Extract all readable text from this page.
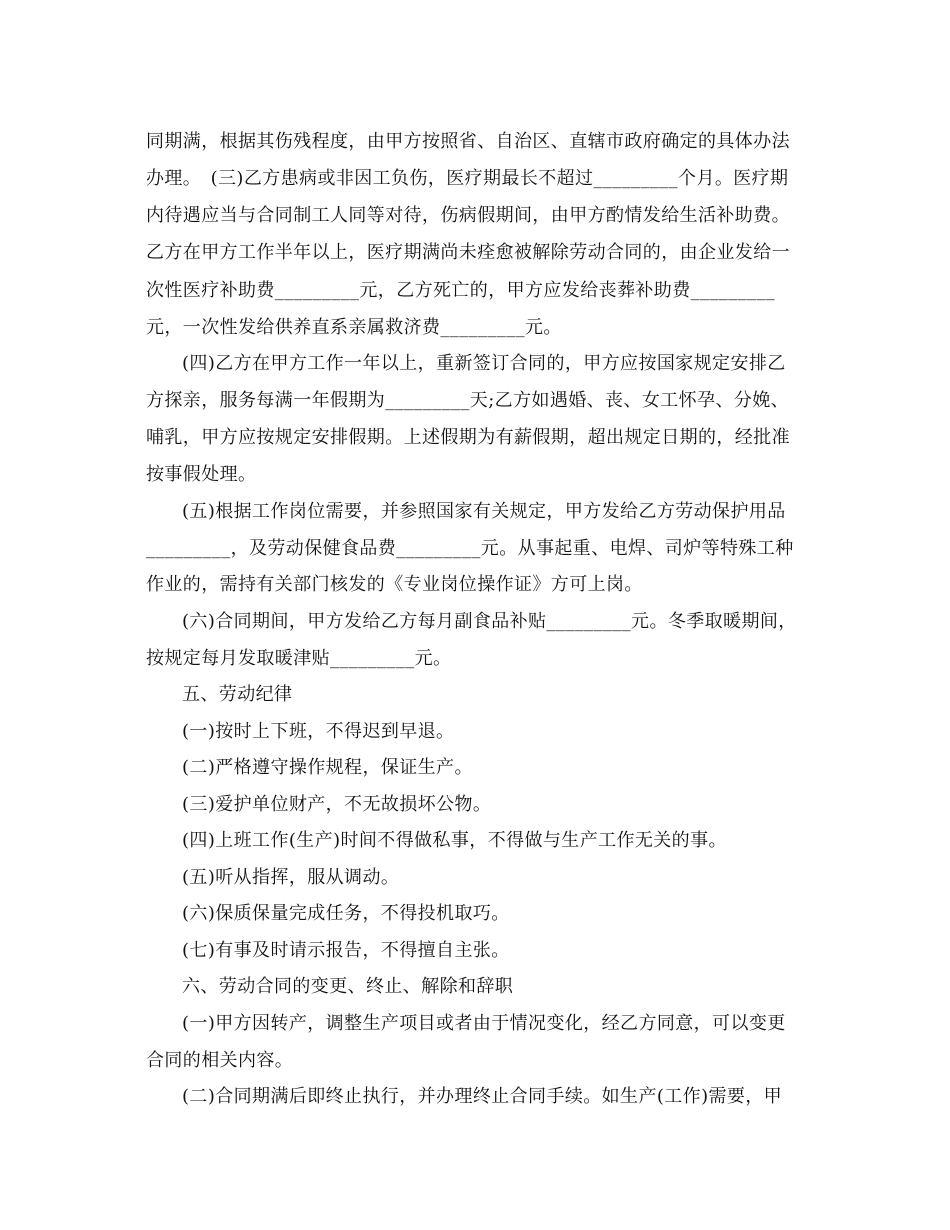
同期满，根据其伤残程度，由甲方按照省、自治区、直辖市政府确定的具体办法
办理。　(三)乙方患病或非因工负伤，医疗期最长不超过_________个月。医疗期
内待遇应当与合同制工人同等对待，伤病假期间，由甲方酌情发给生活补助费。
乙方在甲方工作半年以上，医疗期满尚未痊愈被解除劳动合同的，由企业发给一
次性医疗补助费_________元，乙方死亡的，甲方应发给丧葬补助费_________
元，一次性发给供养直系亲属救济费_________元。
(四)乙方在甲方工作一年以上，重新签订合同的，甲方应按国家规定安排乙
方探亲，服务每满一年假期为_________天;乙方如遇婚、丧、女工怀孕、分娩、
哺乳，甲方应按规定安排假期。上述假期为有薪假期，超出规定日期的，经批准
按事假处理。
(五)根据工作岗位需要，并参照国家有关规定，甲方发给乙方劳动保护用品
_________，及劳动保健食品费_________元。从事起重、电焊、司炉等特殊工种
作业的，需持有关部门核发的《专业岗位操作证》方可上岗。
(六)合同期间，甲方发给乙方每月副食品补贴_________元。冬季取暖期间，
按规定每月发取暖津贴_________元。
五、劳动纪律
(一)按时上下班，不得迟到早退。
(二)严格遵守操作规程，保证生产。
(三)爱护单位财产，不无故损坏公物。
(四)上班工作(生产)时间不得做私事，不得做与生产工作无关的事。
(五)听从指挥，服从调动。
(六)保质保量完成任务，不得投机取巧。
(七)有事及时请示报告，不得擅自主张。
六、劳动合同的变更、终止、解除和辞职
(一)甲方因转产，调整生产项目或者由于情况变化，经乙方同意，可以变更
合同的相关内容。
(二)合同期满后即终止执行，并办理终止合同手续。如生产(工作)需要，甲
